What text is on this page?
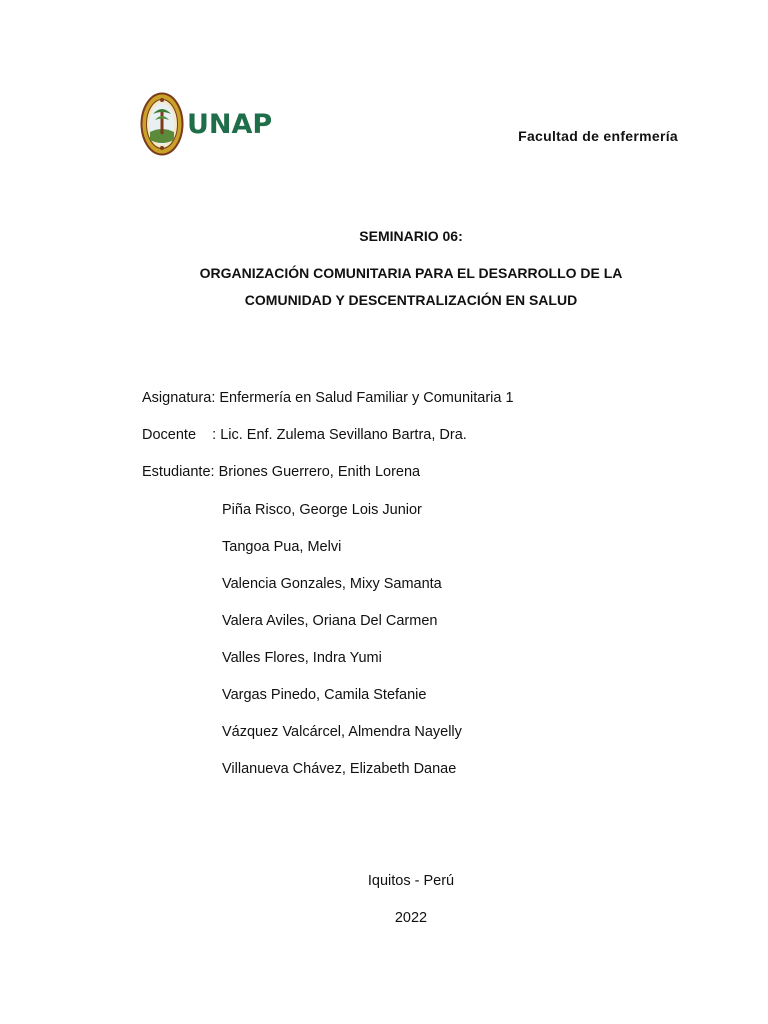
UNAP	Facultad de enfermería
SEMINARIO 06:
ORGANIZACIÓN COMUNITARIA PARA EL DESARROLLO DE LA
COMUNIDAD Y DESCENTRALIZACIÓN EN SALUD
Asignatura: Enfermería en Salud Familiar y Comunitaria 1
Docente : Lic. Enf. Zulema Sevillano Bartra, Dra.
Estudiante: Briones Guerrero, Enith Lorena
Piña Risco, George Lois Junior
Tangoa Pua, Melvi
Valencia Gonzales, Mixy Samanta
Valera Aviles, Oriana Del Carmen
Valles Flores, Indra Yumi
Vargas Pinedo, Camila Stefanie
Vázquez Valcárcel, Almendra Nayelly
Villanueva Chávez, Elizabeth Danae
Iquitos - Perú
2022
